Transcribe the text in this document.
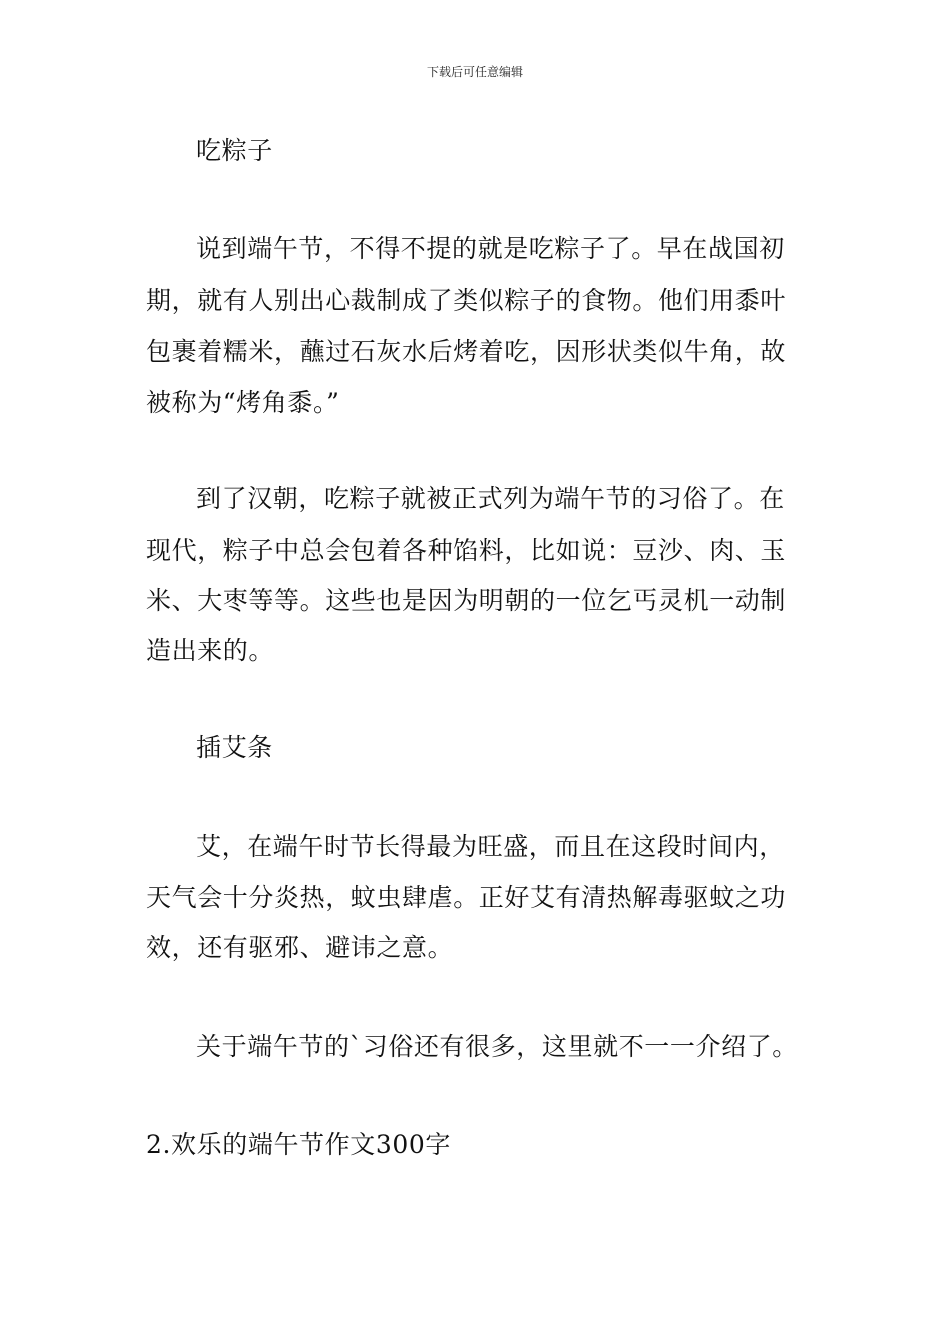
下载后可任意编辑
吃粽子
说到端午节，不得不提的就是吃粽子了。早在战国初
期，就有人别出心裁制成了类似粽子的食物。他们用黍叶
包裹着糯米，蘸过石灰水后烤着吃，因形状类似牛角，故
被称为“烤角黍。”
到了汉朝，吃粽子就被正式列为端午节的习俗了。在
现代，粽子中总会包着各种馅料，比如说：豆沙、肉、玉
米、大枣等等。这些也是因为明朝的一位乞丐灵机一动制
造出来的。
插艾条
艾，在端午时节长得最为旺盛，而且在这段时间内，
天气会十分炎热，蚊虫肆虐。正好艾有清热解毒驱蚊之功
效，还有驱邪、避讳之意。
关于端午节的`习俗还有很多，这里就不一一介绍了。
2.欢乐的端午节作文300字
